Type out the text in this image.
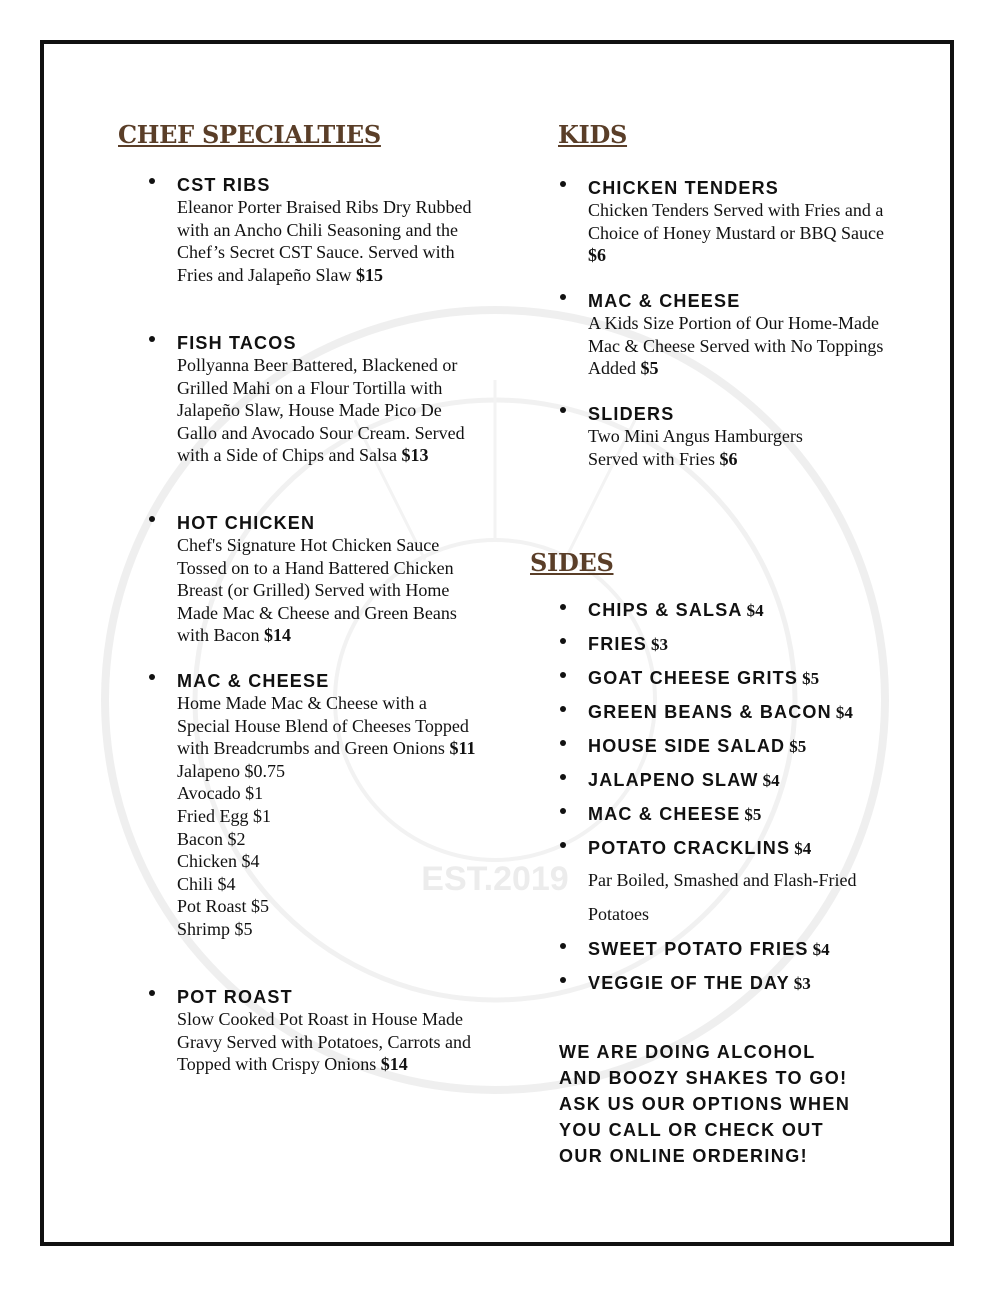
EST.2019
CHEF SPECIALTIES
CST RIBS
Eleanor Porter Braised Ribs Dry Rubbed with an Ancho Chili Seasoning and the Chef’s Secret CST Sauce. Served with Fries and Jalapeño Slaw $15
FISH TACOS
Pollyanna Beer Battered, Blackened or Grilled Mahi on a Flour Tortilla with Jalapeño Slaw, House Made Pico De Gallo and Avocado Sour Cream. Served with a Side of Chips and Salsa $13
HOT CHICKEN
Chef's Signature Hot Chicken Sauce Tossed on to a Hand Battered Chicken Breast (or Grilled) Served with Home Made Mac & Cheese and Green Beans with Bacon $14
MAC & CHEESE
Home Made Mac & Cheese with a Special House Blend of Cheeses Topped with Breadcrumbs and Green Onions $11
Jalapeno $0.75
Avocado $1
Fried Egg $1
Bacon $2
Chicken $4
Chili $4
Pot Roast $5
Shrimp $5
POT ROAST
Slow Cooked Pot Roast in House Made Gravy Served with Potatoes, Carrots and Topped with Crispy Onions $14
KIDS
CHICKEN TENDERS
Chicken Tenders Served with Fries and a Choice of Honey Mustard or BBQ Sauce $6
MAC & CHEESE
A Kids Size Portion of Our Home-Made Mac & Cheese Served with No Toppings Added $5
SLIDERS
Two Mini Angus Hamburgers Served with Fries $6
SIDES
CHIPS & SALSA $4
FRIES $3
GOAT CHEESE GRITS $5
GREEN BEANS & BACON $4
HOUSE SIDE SALAD $5
JALAPENO SLAW $4
MAC & CHEESE $5
POTATO CRACKLINS $4
Par Boiled, Smashed and Flash-Fried
Potatoes
SWEET POTATO FRIES $4
VEGGIE OF THE DAY $3
WE ARE DOING ALCOHOL
AND BOOZY SHAKES TO GO!
ASK US OUR OPTIONS WHEN
YOU CALL OR CHECK OUT
OUR ONLINE ORDERING!
